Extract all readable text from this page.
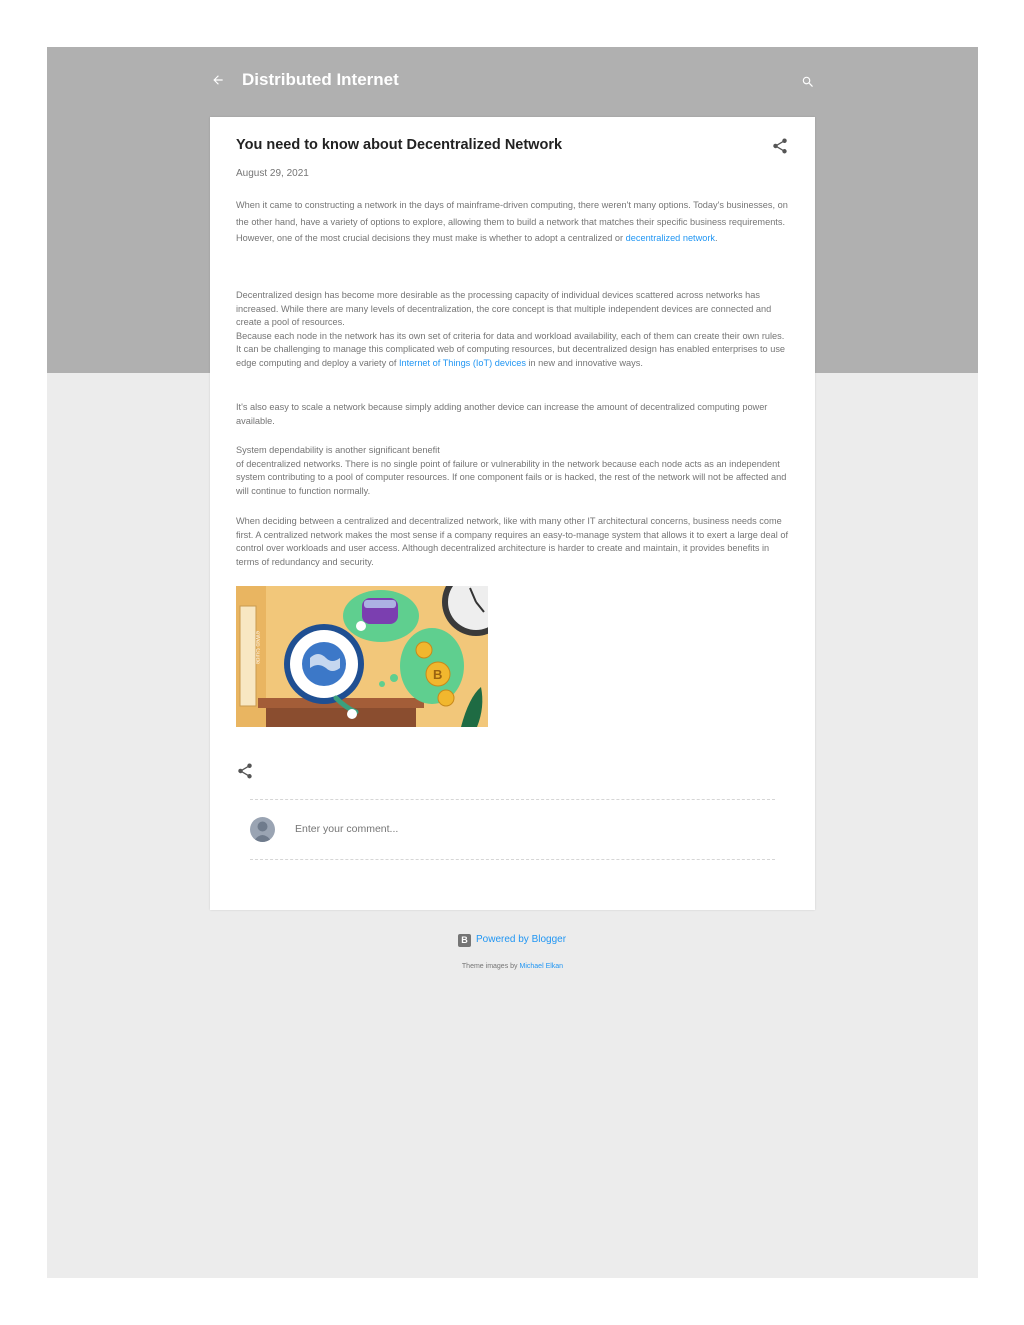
Distributed Internet
You need to know about Decentralized Network
August 29, 2021
When it came to constructing a network in the days of mainframe-driven computing, there weren't many options. Today's businesses, on the other hand, have a variety of options to explore, allowing them to build a network that matches their specific business requirements. However, one of the most crucial decisions they must make is whether to adopt a centralized or decentralized network.
Decentralized design has become more desirable as the processing capacity of individual devices scattered across networks has increased. While there are many levels of decentralization, the core concept is that multiple independent devices are connected and create a pool of resources.
Because each node in the network has its own set of criteria for data and workload availability, each of them can create their own rules. It can be challenging to manage this complicated web of computing resources, but decentralized design has enabled enterprises to use edge computing and deploy a variety of Internet of Things (IoT) devices in new and innovative ways.
It's also easy to scale a network because simply adding another device can increase the amount of decentralized computing power available.
System dependability is another significant benefit
of decentralized networks. There is no single point of failure or vulnerability in the network because each node acts as an independent system contributing to a pool of computer resources. If one component fails or is hacked, the rest of the network will not be affected and will continue to function normally.
When deciding between a centralized and decentralized network, like with many other IT architectural concerns, business needs come first. A centralized network makes the most sense if a company requires an easy-to-manage system that allows it to exert a large deal of control over workloads and user access. Although decentralized architecture is harder to create and maintain, it provides benefits in terms of redundancy and security.
eWeb Guide
B
Enter your comment...
B Powered by Blogger
Theme images by Michael Elkan
